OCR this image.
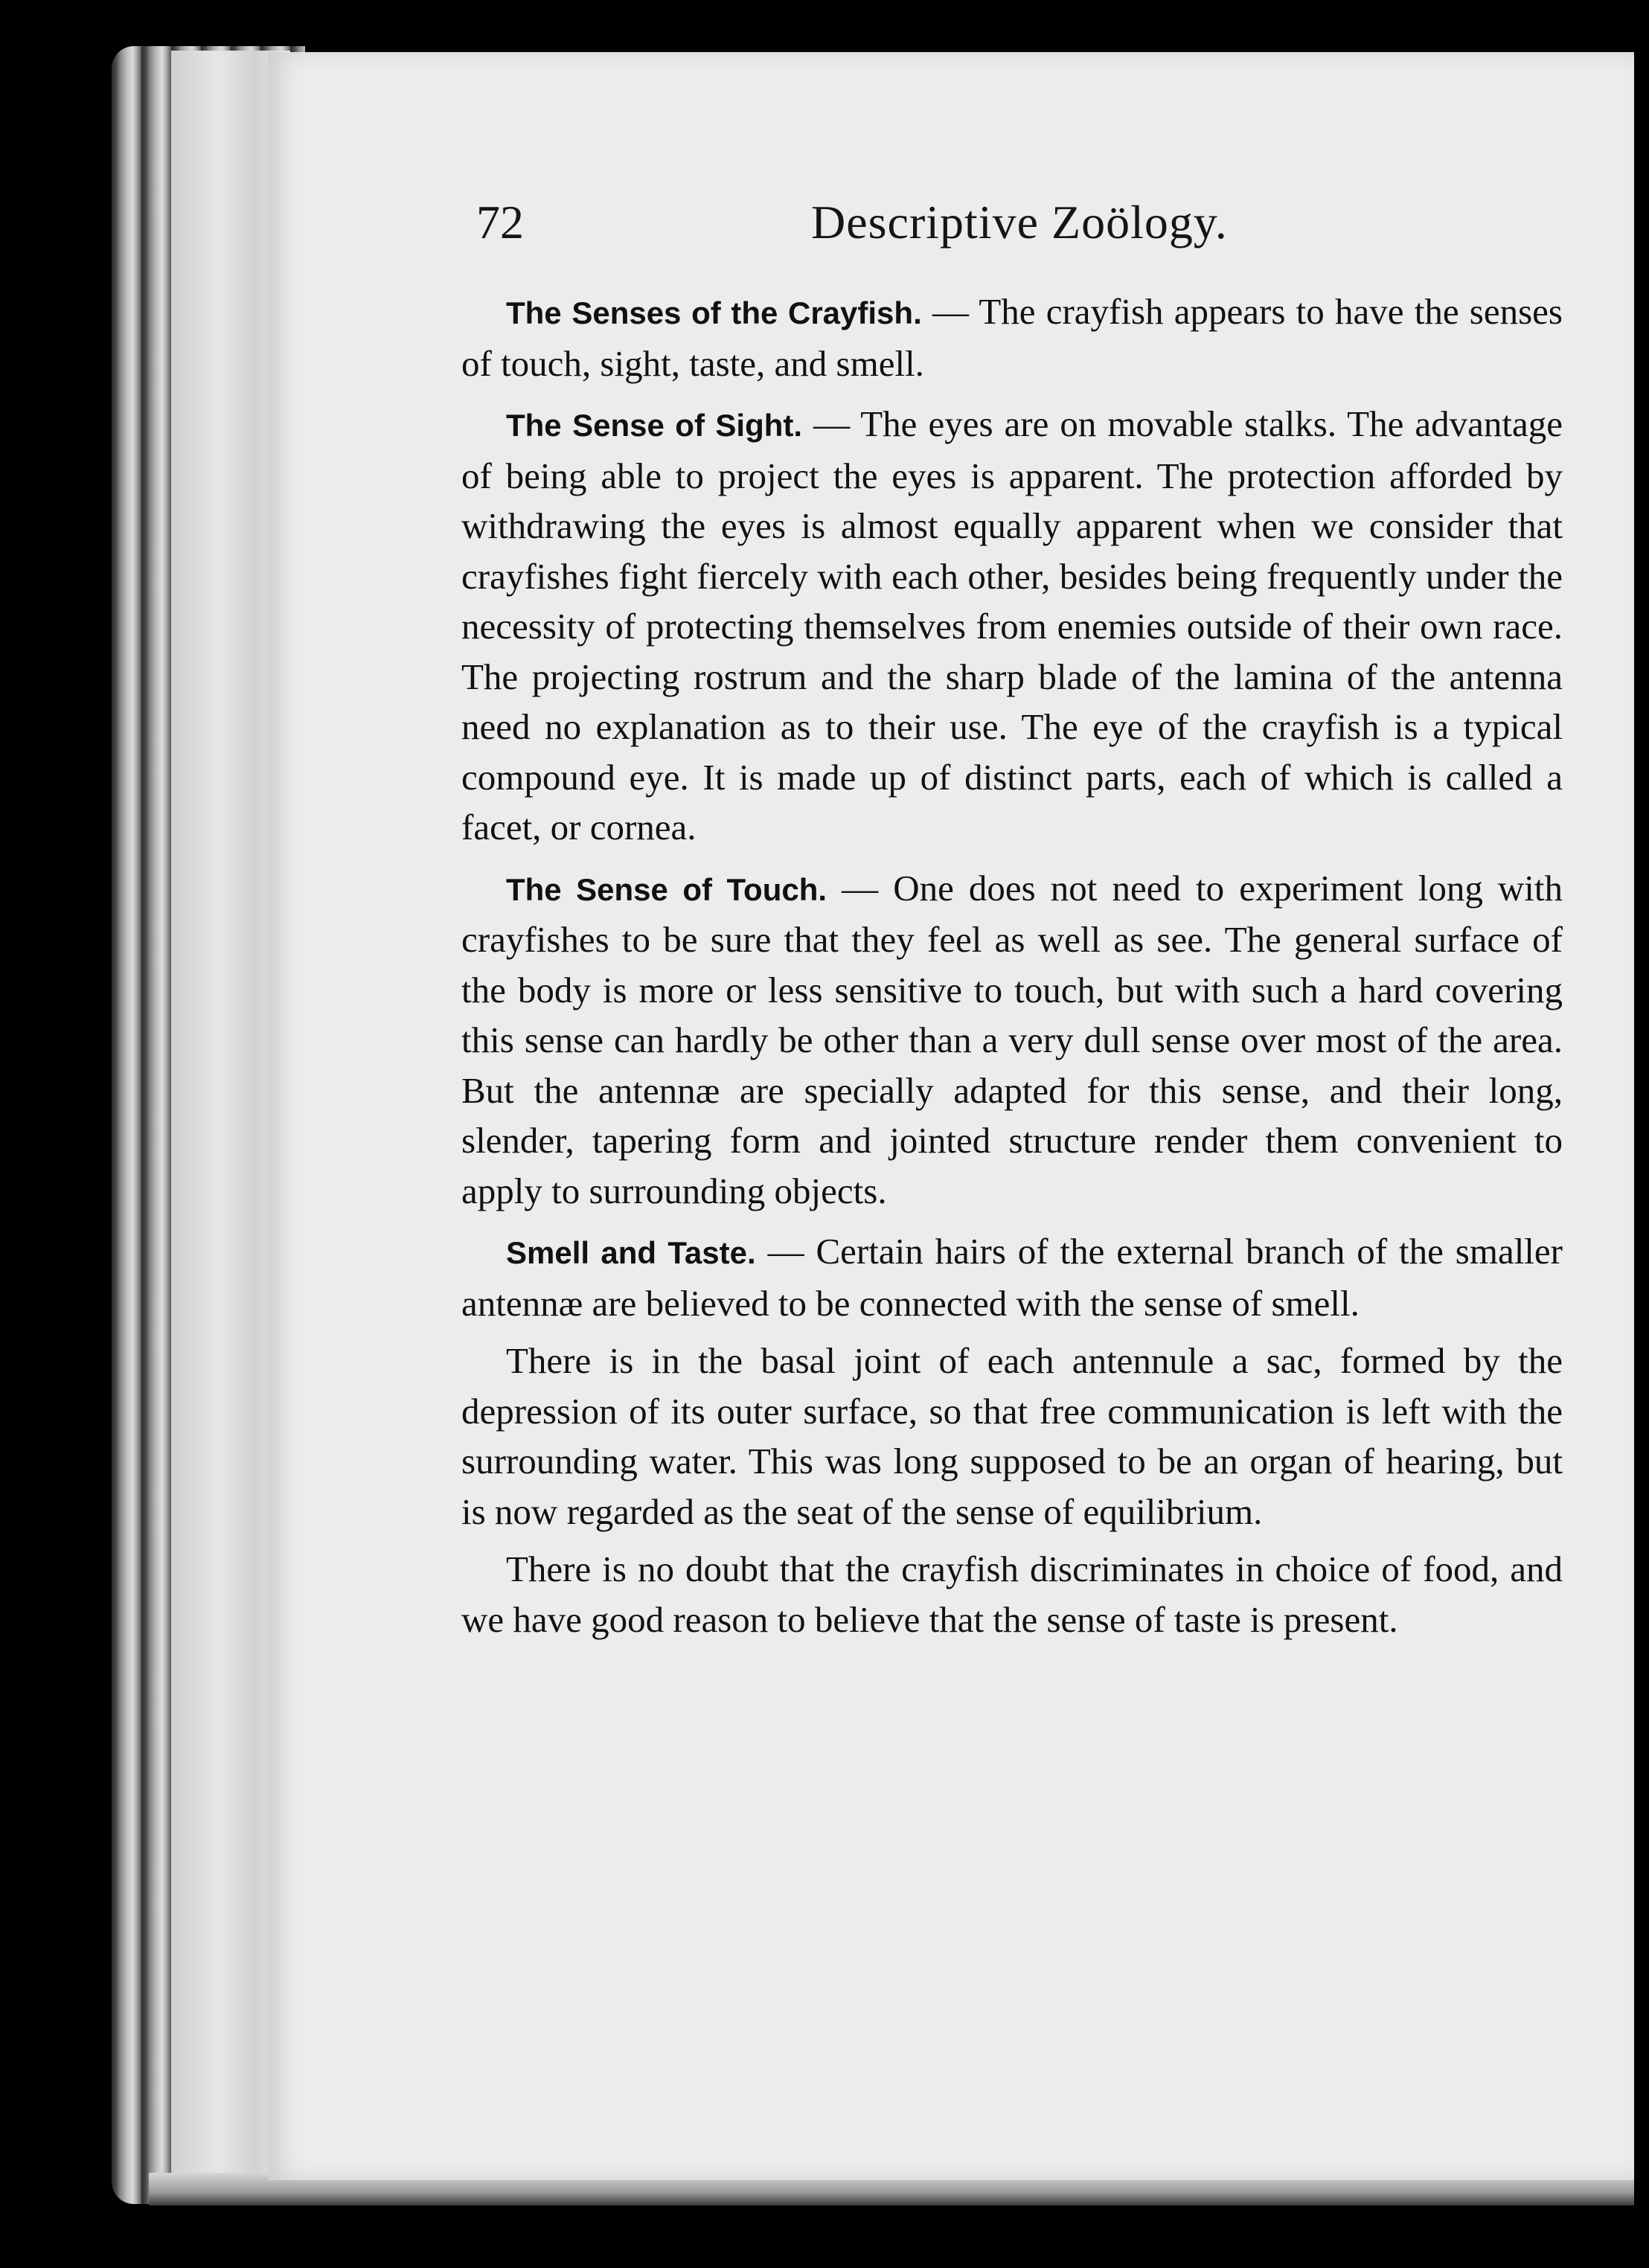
72	Descriptive Zoölogy.

The Senses of the Crayfish. — The crayfish appears to have the senses of touch, sight, taste, and smell.

The Sense of Sight. — The eyes are on movable stalks. The advantage of being able to project the eyes is apparent. The protection afforded by withdrawing the eyes is almost equally apparent when we consider that crayfishes fight fiercely with each other, besides being frequently under the necessity of protecting themselves from enemies outside of their own race. The projecting rostrum and the sharp blade of the lamina of the antenna need no explanation as to their use. The eye of the crayfish is a typical compound eye. It is made up of distinct parts, each of which is called a facet, or cornea.

The Sense of Touch. — One does not need to experiment long with crayfishes to be sure that they feel as well as see. The general surface of the body is more or less sensitive to touch, but with such a hard covering this sense can hardly be other than a very dull sense over most of the area. But the antennæ are specially adapted for this sense, and their long, slender, tapering form and jointed structure render them convenient to apply to surrounding objects.

Smell and Taste. — Certain hairs of the external branch of the smaller antennæ are believed to be connected with the sense of smell.

There is in the basal joint of each antennule a sac, formed by the depression of its outer surface, so that free communication is left with the surrounding water. This was long supposed to be an organ of hearing, but is now regarded as the seat of the sense of equilibrium.

There is no doubt that the crayfish discriminates in choice of food, and we have good reason to believe that the sense of taste is present.
